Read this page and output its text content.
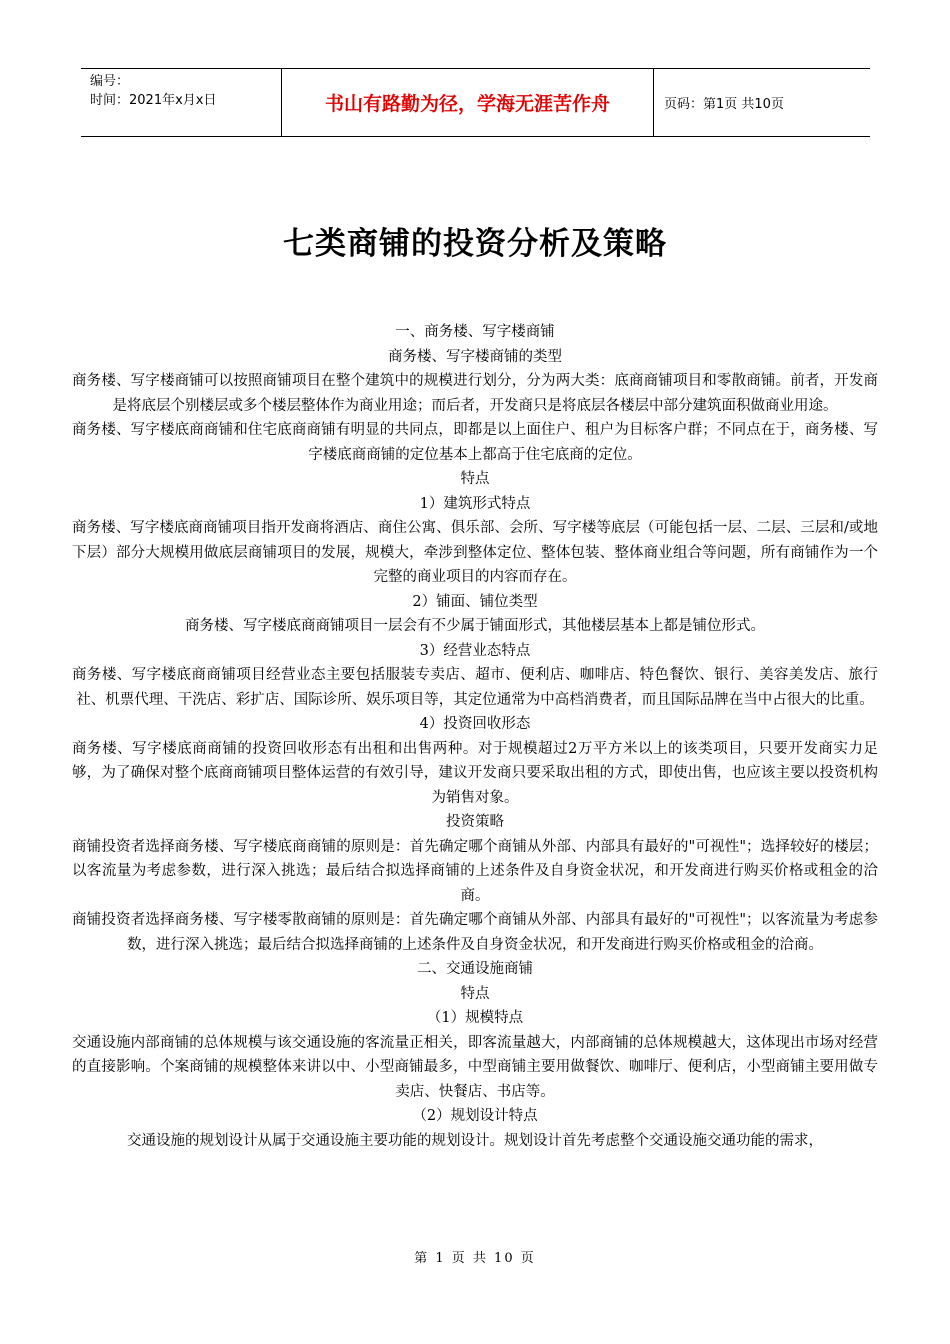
编号：
时间：2021年x月x日	书山有路勤为径，学海无涯苦作舟	页码：第1页 共10页
七类商铺的投资分析及策略

一、商务楼、写字楼商铺

商务楼、写字楼商铺的类型

商务楼、写字楼商铺可以按照商铺项目在整个建筑中的规模进行划分，分为两大类：底商商铺项目和零散商铺。前者，开发商是将底层个别楼层或多个楼层整体作为商业用途；而后者，开发商只是将底层各楼层中部分建筑面积做商业用途。

商务楼、写字楼底商商铺和住宅底商商铺有明显的共同点，即都是以上面住户、租户为目标客户群；不同点在于，商务楼、写字楼底商商铺的定位基本上都高于住宅底商的定位。

特点

1）建筑形式特点

商务楼、写字楼底商商铺项目指开发商将酒店、商住公寓、俱乐部、会所、写字楼等底层（可能包括一层、二层、三层和/或地下层）部分大规模用做底层商铺项目的发展，规模大，牵涉到整体定位、整体包装、整体商业组合等问题，所有商铺作为一个完整的商业项目的内容而存在。

2）铺面、铺位类型

商务楼、写字楼底商商铺项目一层会有不少属于铺面形式，其他楼层基本上都是铺位形式。

3）经营业态特点

商务楼、写字楼底商商铺项目经营业态主要包括服装专卖店、超市、便利店、咖啡店、特色餐饮、银行、美容美发店、旅行社、机票代理、干洗店、彩扩店、国际诊所、娱乐项目等，其定位通常为中高档消费者，而且国际品牌在当中占很大的比重。

4）投资回收形态

商务楼、写字楼底商商铺的投资回收形态有出租和出售两种。对于规模超过2万平方米以上的该类项目，只要开发商实力足够，为了确保对整个底商商铺项目整体运营的有效引导，建议开发商只要采取出租的方式，即使出售，也应该主要以投资机构为销售对象。

投资策略

商铺投资者选择商务楼、写字楼底商商铺的原则是：首先确定哪个商铺从外部、内部具有最好的"可视性"；选择较好的楼层；以客流量为考虑参数，进行深入挑选；最后结合拟选择商铺的上述条件及自身资金状况，和开发商进行购买价格或租金的洽商。

商铺投资者选择商务楼、写字楼零散商铺的原则是：首先确定哪个商铺从外部、内部具有最好的"可视性"；以客流量为考虑参数，进行深入挑选；最后结合拟选择商铺的上述条件及自身资金状况，和开发商进行购买价格或租金的洽商。

二、交通设施商铺

特点

（1）规模特点

交通设施内部商铺的总体规模与该交通设施的客流量正相关，即客流量越大，内部商铺的总体规模越大，这体现出市场对经营的直接影响。个案商铺的规模整体来讲以中、小型商铺最多，中型商铺主要用做餐饮、咖啡厅、便利店，小型商铺主要用做专卖店、快餐店、书店等。

（2）规划设计特点

交通设施的规划设计从属于交通设施主要功能的规划设计。规划设计首先考虑整个交通设施交通功能的需求，

第 1 页 共 10 页
